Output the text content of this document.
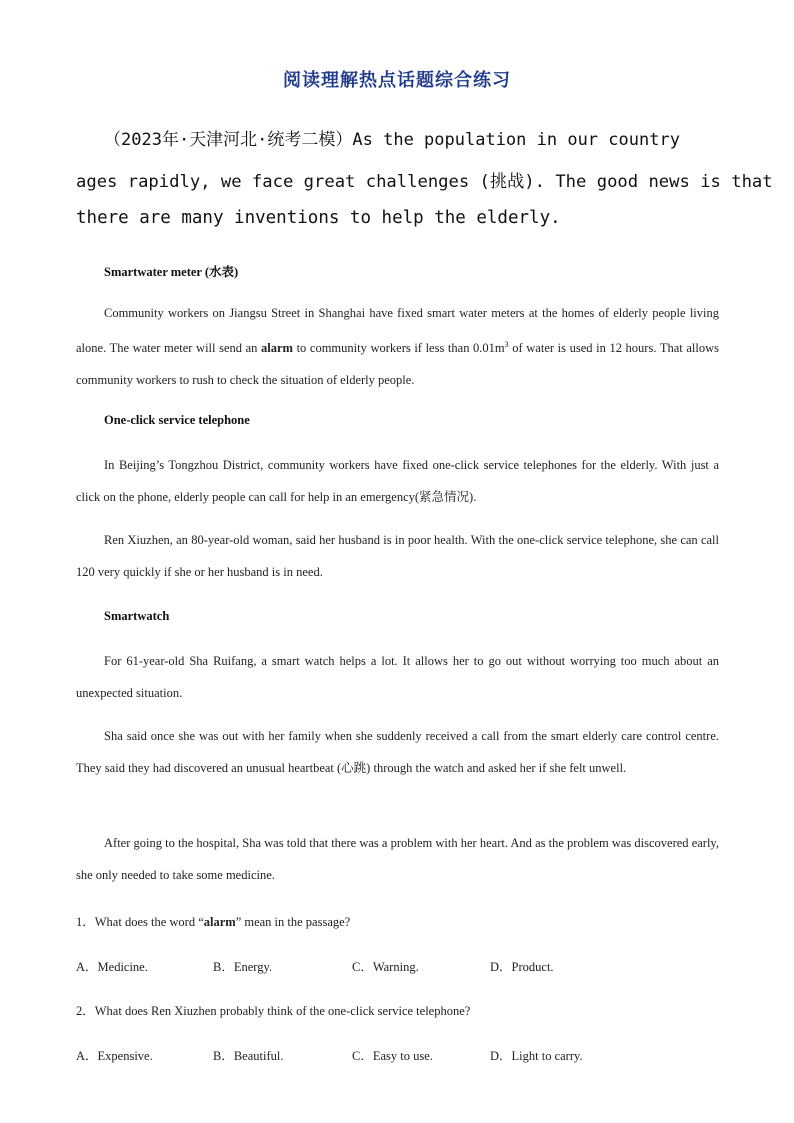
阅读理解热点话题综合练习
（2023年·天津河北·统考二模）As the population in our country
ages rapidly, we face great challenges (挑战). The good news is that
there are many inventions to help the elderly.
Smartwater meter (水表)
Community workers on Jiangsu Street in Shanghai have fixed smart water meters at the homes of elderly people living alone. The water meter will send an alarm to community workers if less than $0.01m^3$ of water is used in 12 hours. That allows community workers to rush to check the situation of elderly people.
One-click service telephone
In Beijing’s Tongzhou District, community workers have fixed one-click service telephones for the elderly. With just a click on the phone, elderly people can call for help in an emergency(紧急情况).
Ren Xiuzhen, an 80-year-old woman, said her husband is in poor health. With the one-click service telephone, she can call 120 very quickly if she or her husband is in need.
Smartwatch
For 61-year-old Sha Ruifang, a smart watch helps a lot. It allows her to go out without worrying too much about an unexpected situation.
Sha said once she was out with her family when she suddenly received a call from the smart elderly care control centre. They said they had discovered an unusual heartbeat (心跳) through the watch and asked her if she felt unwell.
After going to the hospital, Sha was told that there was a problem with her heart. And as the problem was discovered early, she only needed to take some medicine.
1．What does the word “alarm” mean in the passage?
A．Medicine.	B．Energy.	C．Warning.	D．Product.
2．What does Ren Xiuzhen probably think of the one-click service telephone?
A．Expensive.	B．Beautiful.	C．Easy to use.	D．Light to carry.
